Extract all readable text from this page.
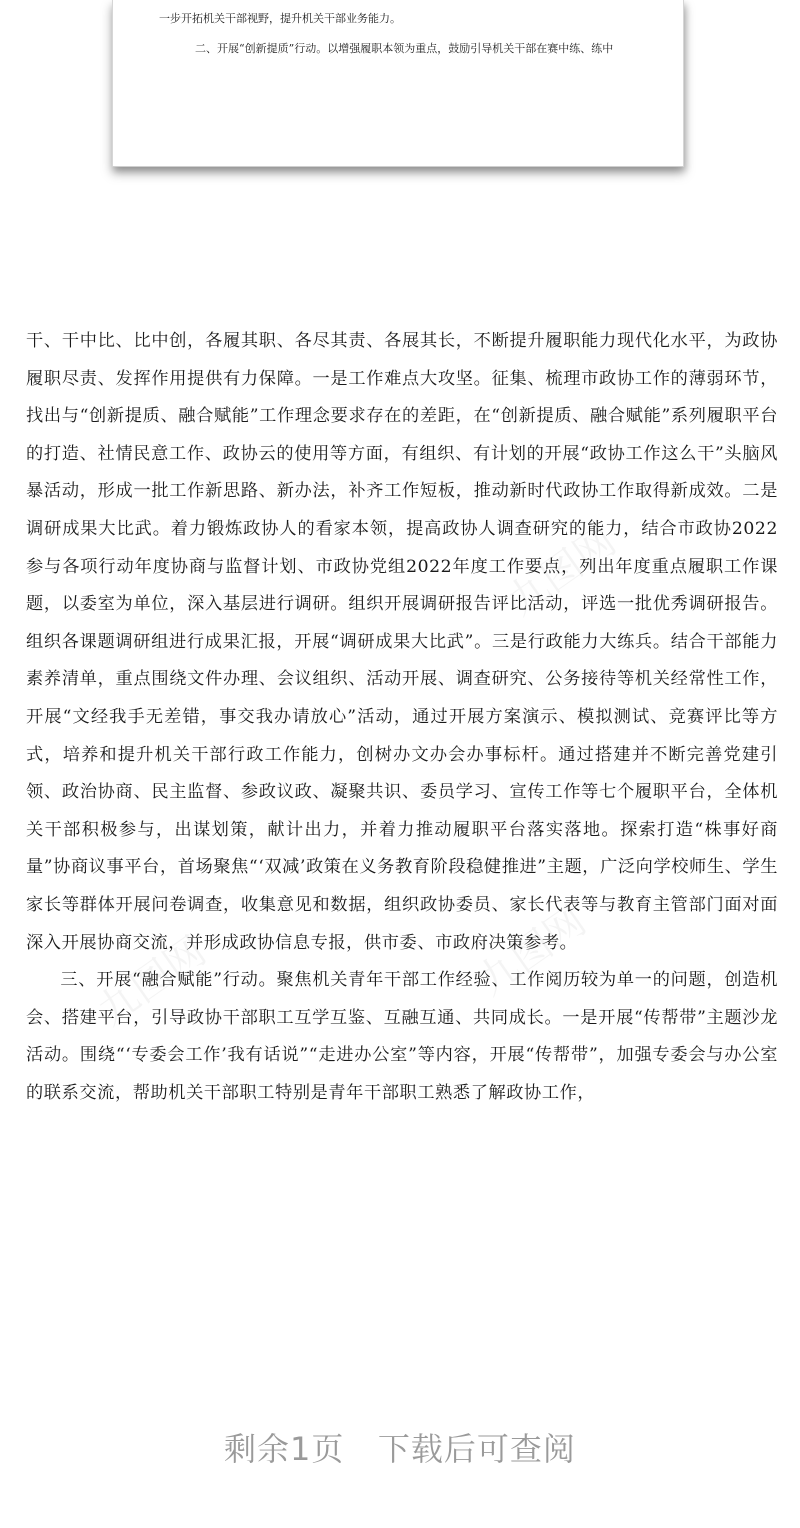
一步开拓机关干部视野，提升机关干部业务能力。
二、开展“创新提质”行动。以增强履职本领为重点，鼓励引导机关干部在赛中练、练中

干、干中比、比中创，各履其职、各尽其责、各展其长，不断提升履职能力现代化水平，为政协履职尽责、发挥作用提供有力保障。一是工作难点大攻坚。征集、梳理市政协工作的薄弱环节，找出与“创新提质、融合赋能”工作理念要求存在的差距，在“创新提质、融合赋能”系列履职平台的打造、社情民意工作、政协云的使用等方面，有组织、有计划的开展“政协工作这么干”头脑风暴活动，形成一批工作新思路、新办法，补齐工作短板，推动新时代政协工作取得新成效。二是调研成果大比武。着力锻炼政协人的看家本领，提高政协人调查研究的能力，结合市政协2022参与各项行动年度协商与监督计划、市政协党组2022年度工作要点，列出年度重点履职工作课题，以委室为单位，深入基层进行调研。组织开展调研报告评比活动，评选一批优秀调研报告。组织各课题调研组进行成果汇报，开展“调研成果大比武”。三是行政能力大练兵。结合干部能力素养清单，重点围绕文件办理、会议组织、活动开展、调查研究、公务接待等机关经常性工作，开展“文经我手无差错，事交我办请放心”活动，通过开展方案演示、模拟测试、竞赛评比等方式，培养和提升机关干部行政工作能力，创树办文办会办事标杆。通过搭建并不断完善党建引领、政治协商、民主监督、参政议政、凝聚共识、委员学习、宣传工作等七个履职平台，全体机关干部积极参与，出谋划策，献计出力，并着力推动履职平台落实落地。探索打造“株事好商量”协商议事平台，首场聚焦“‘双减’政策在义务教育阶段稳健推进”主题，广泛向学校师生、学生家长等群体开展问卷调查，收集意见和数据，组织政协委员、家长代表等与教育主管部门面对面深入开展协商交流，并形成政协信息专报，供市委、市政府决策参考。

三、开展“融合赋能”行动。聚焦机关青年干部工作经验、工作阅历较为单一的问题，创造机会、搭建平台，引导政协干部职工互学互鉴、互融互通、共同成长。一是开展“传帮带”主题沙龙活动。围绕“‘专委会工作’我有话说”“走进办公室”等内容，开展“传帮带”，加强专委会与办公室的联系交流，帮助机关干部职工特别是青年干部职工熟悉了解政协工作，

剩余1页   下载后可查阅
